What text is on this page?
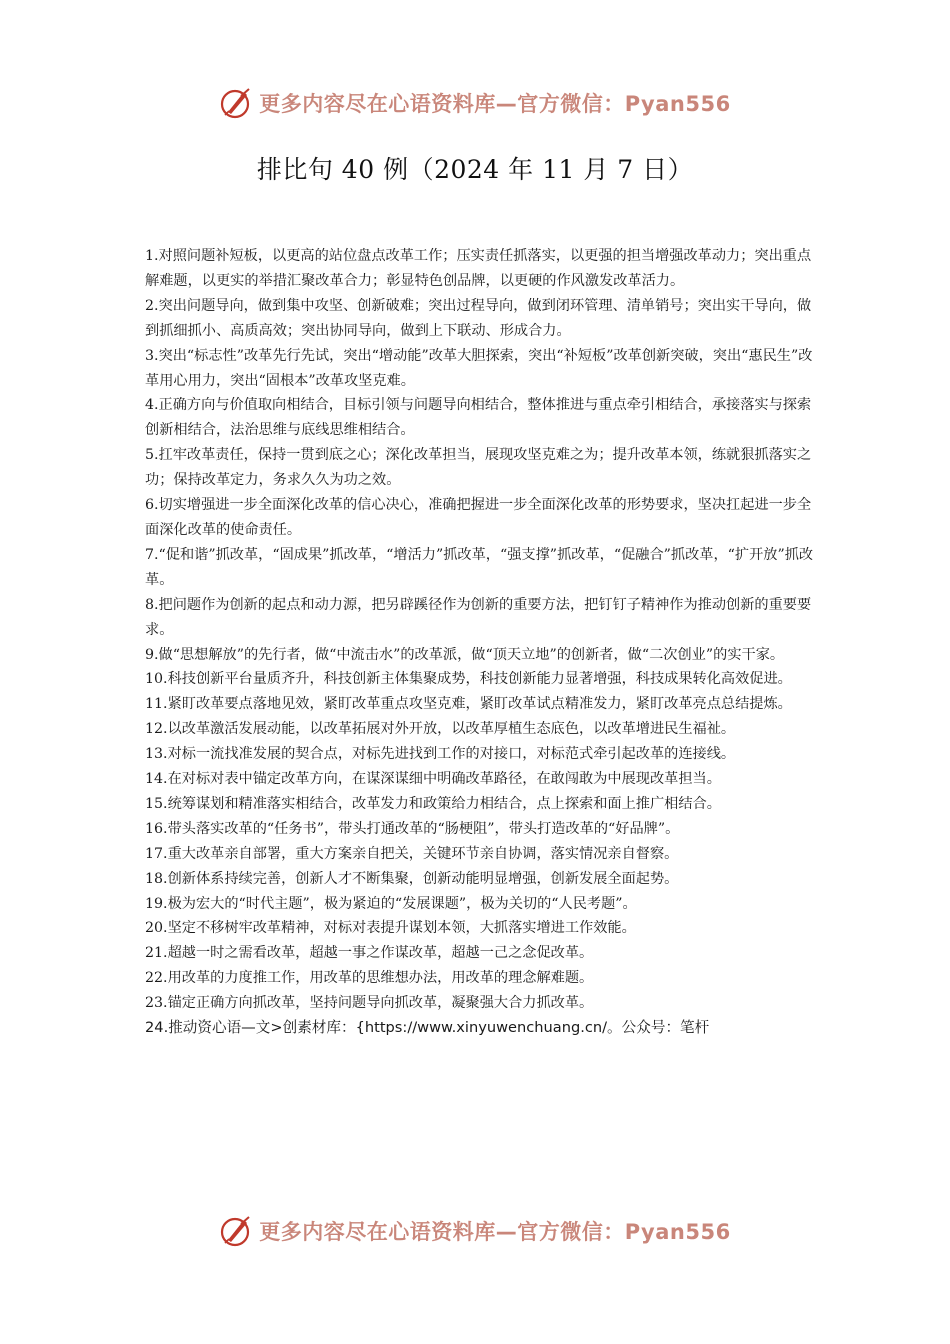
更多内容尽在心语资料库—官方微信：Pyan556
排比句 40 例（2024 年 11 月 7 日）
1.对照问题补短板，以更高的站位盘点改革工作；压实责任抓落实，以更强的担当增强改革动力；突出重点解难题，以更实的举措汇聚改革合力；彰显特色创品牌，以更硬的作风激发改革活力。
2.突出问题导向，做到集中攻坚、创新破难；突出过程导向，做到闭环管理、清单销号；突出实干导向，做到抓细抓小、高质高效；突出协同导向，做到上下联动、形成合力。
3.突出“标志性”改革先行先试，突出“增动能”改革大胆探索，突出“补短板”改革创新突破，突出“惠民生”改革用心用力，突出“固根本”改革攻坚克难。
4.正确方向与价值取向相结合，目标引领与问题导向相结合，整体推进与重点牵引相结合，承接落实与探索创新相结合，法治思维与底线思维相结合。
5.扛牢改革责任，保持一贯到底之心；深化改革担当，展现攻坚克难之为；提升改革本领，练就狠抓落实之功；保持改革定力，务求久久为功之效。
6.切实增强进一步全面深化改革的信心决心，准确把握进一步全面深化改革的形势要求，坚决扛起进一步全面深化改革的使命责任。
7.“促和谐”抓改革，“固成果”抓改革，“增活力”抓改革，“强支撑”抓改革，“促融合”抓改革，“扩开放”抓改革。
8.把问题作为创新的起点和动力源，把另辟蹊径作为创新的重要方法，把钉钉子精神作为推动创新的重要要求。
9.做“思想解放”的先行者，做“中流击水”的改革派，做“顶天立地”的创新者，做“二次创业”的实干家。
10.科技创新平台量质齐升，科技创新主体集聚成势，科技创新能力显著增强，科技成果转化高效促进。
11.紧盯改革要点落地见效，紧盯改革重点攻坚克难，紧盯改革试点精准发力，紧盯改革亮点总结提炼。
12.以改革激活发展动能，以改革拓展对外开放，以改革厚植生态底色，以改革增进民生福祉。
13.对标一流找准发展的契合点，对标先进找到工作的对接口，对标范式牵引起改革的连接线。
14.在对标对表中锚定改革方向，在谋深谋细中明确改革路径，在敢闯敢为中展现改革担当。
15.统筹谋划和精准落实相结合，改革发力和政策给力相结合，点上探索和面上推广相结合。
16.带头落实改革的“任务书”，带头打通改革的“肠梗阻”，带头打造改革的“好品牌”。
17.重大改革亲自部署，重大方案亲自把关，关键环节亲自协调，落实情况亲自督察。
18.创新体系持续完善，创新人才不断集聚，创新动能明显增强，创新发展全面起势。
19.极为宏大的“时代主题”，极为紧迫的“发展课题”，极为关切的“人民考题”。
20.坚定不移树牢改革精神，对标对表提升谋划本领，大抓落实增进工作效能。
21.超越一时之需看改革，超越一事之作谋改革，超越一己之念促改革。
22.用改革的力度推工作，用改革的思维想办法，用改革的理念解难题。
23.锚定正确方向抓改革，坚持问题导向抓改革，凝聚强大合力抓改革。
24.推动资心语—文>创素材库：{https://www.xinyuwenchuang.cn/。公众号：笔杆
更多内容尽在心语资料库—官方微信：Pyan556
